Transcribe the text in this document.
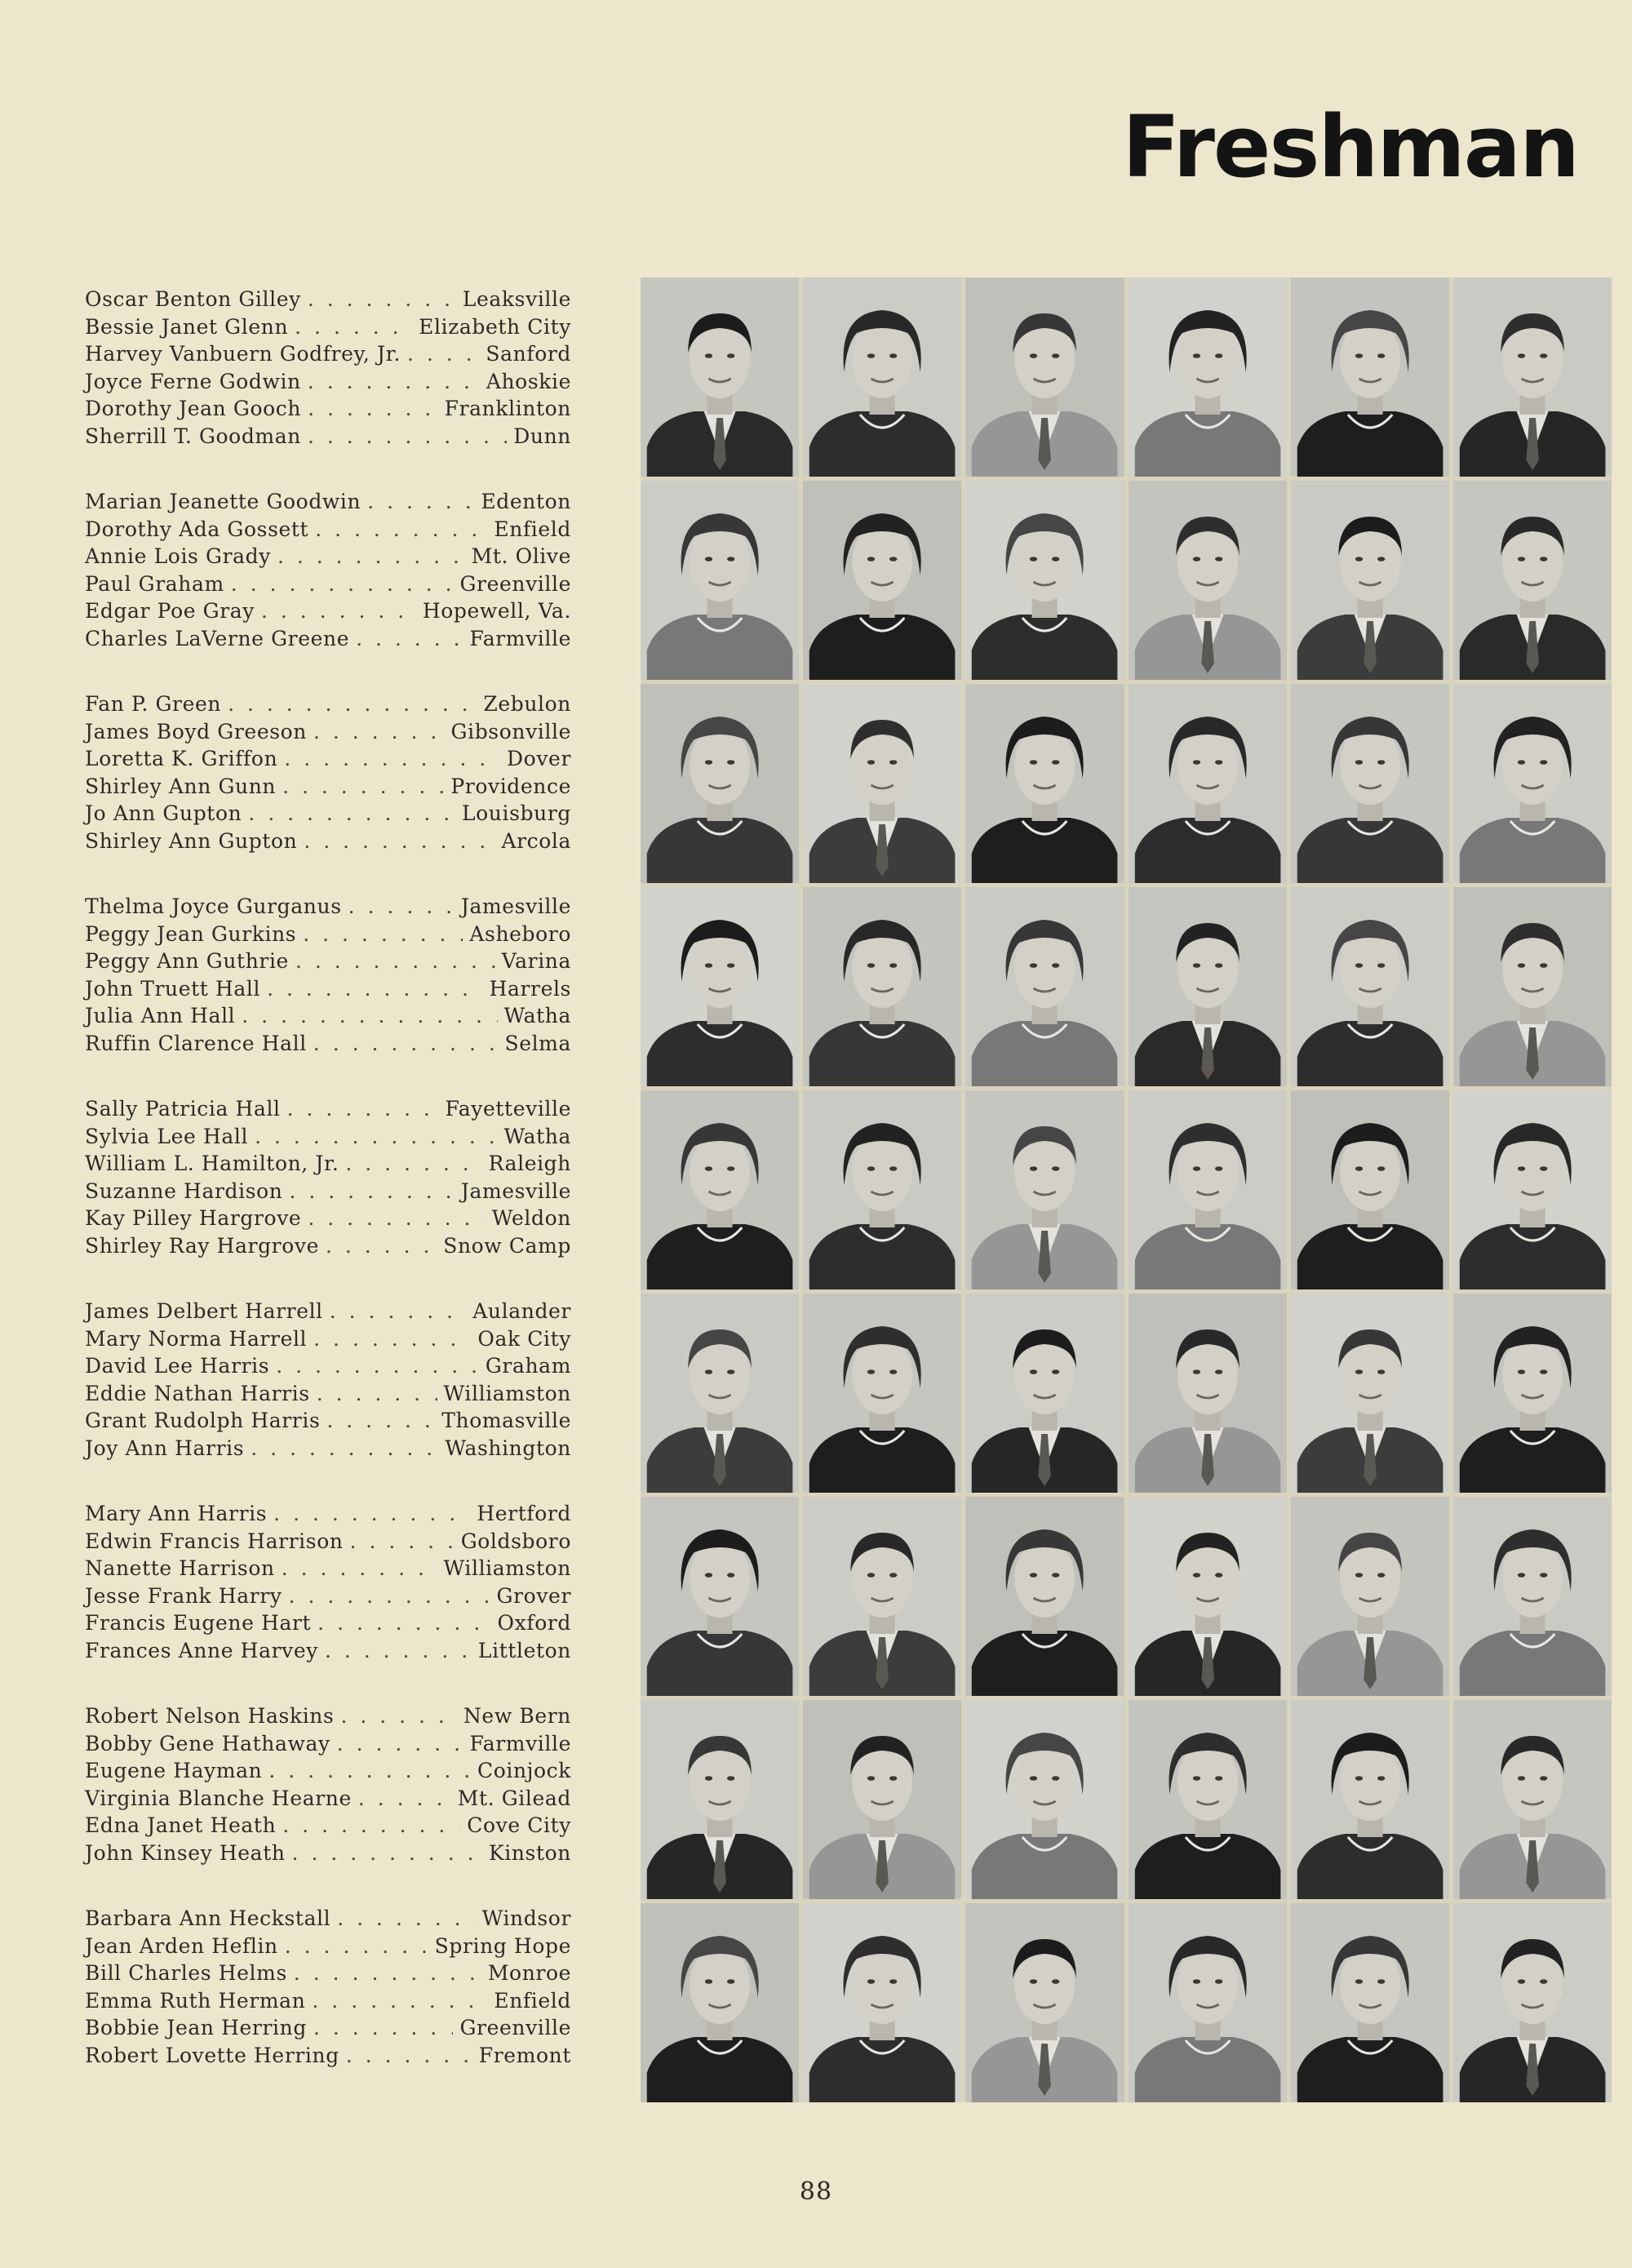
Freshman
Oscar Benton Gilley . . .	Leaksville
Bessie Janet Glenn . . .	Elizabeth City
Harvey Vanbuern Godfrey, Jr. . . .	Sanford
Joyce Ferne Godwin . . .	Ahoskie
Dorothy Jean Gooch . . .	Franklinton
Sherrill T. Goodman . . .	Dunn
Marian Jeanette Goodwin . . .	Edenton
Dorothy Ada Gossett . . .	Enfield
Annie Lois Grady . . .	Mt. Olive
Paul Graham . . .	Greenville
Edgar Poe Gray . . .	Hopewell, Va.
Charles LaVerne Greene . . .	Farmville
Fan P. Green . . .	Zebulon
James Boyd Greeson . . .	Gibsonville
Loretta K. Griffon . . .	Dover
Shirley Ann Gunn . . .	Providence
Jo Ann Gupton . . .	Louisburg
Shirley Ann Gupton . . .	Arcola
Thelma Joyce Gurganus . . .	Jamesville
Peggy Jean Gurkins . . .	Asheboro
Peggy Ann Guthrie . . .	Varina
John Truett Hall . . .	Harrels
Julia Ann Hall . . .	Watha
Ruffin Clarence Hall . . .	Selma
Sally Patricia Hall . . .	Fayetteville
Sylvia Lee Hall . . .	Watha
William L. Hamilton, Jr. . . .	Raleigh
Suzanne Hardison . . .	Jamesville
Kay Pilley Hargrove . . .	Weldon
Shirley Ray Hargrove . . .	Snow Camp
James Delbert Harrell . . .	Aulander
Mary Norma Harrell . . .	Oak City
David Lee Harris . . .	Graham
Eddie Nathan Harris . . .	Williamston
Grant Rudolph Harris . . .	Thomasville
Joy Ann Harris . . .	Washington
Mary Ann Harris . . .	Hertford
Edwin Francis Harrison . . .	Goldsboro
Nanette Harrison . . .	Williamston
Jesse Frank Harry . . .	Grover
Francis Eugene Hart . . .	Oxford
Frances Anne Harvey . . .	Littleton
Robert Nelson Haskins . . .	New Bern
Bobby Gene Hathaway . . .	Farmville
Eugene Hayman . . .	Coinjock
Virginia Blanche Hearne . . .	Mt. Gilead
Edna Janet Heath . . .	Cove City
John Kinsey Heath . . .	Kinston
Barbara Ann Heckstall . . .	Windsor
Jean Arden Heflin . . .	Spring Hope
Bill Charles Helms . . .	Monroe
Emma Ruth Herman . . .	Enfield
Bobbie Jean Herring . . .	Greenville
Robert Lovette Herring . . .	Fremont

88
